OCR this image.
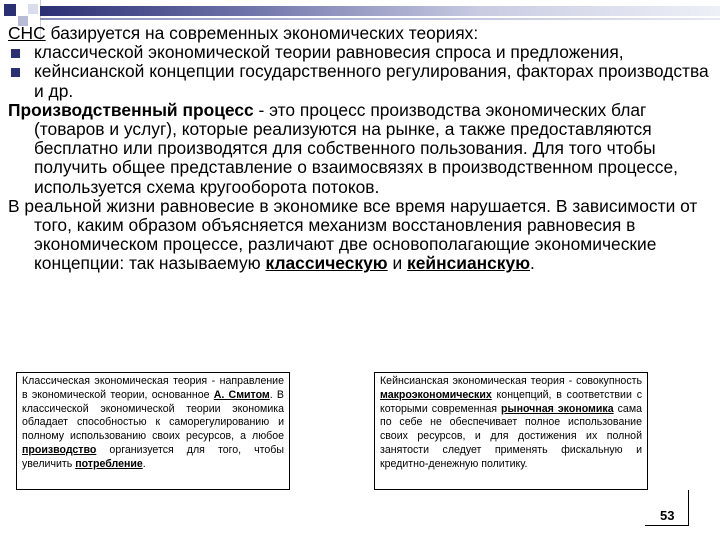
СНС базируется на современных экономических теориях:

классической экономической теории равновесия спроса и предложения,
кейнсианской концепции государственного регулирования, факторах производства и др.

Производственный процесс - это процесс производства экономических благ (товаров и услуг), которые реализуются на рынке, а также предоставляются бесплатно или производятся для собственного пользования. Для того чтобы получить общее представление о взаимосвязях в производственном процессе, используется схема кругооборота потоков.

В реальной жизни равновесие в экономике все время нарушается. В зависимости от того, каким образом объясняется механизм восстановления равновесия в экономическом процессе, различают две основополагающие экономические концепции: так называемую классическую и кейнсианскую.

Классическая экономическая теория - направление в экономической теории, основанное А. Смитом. В классической экономической теории экономика обладает способностью к саморегулированию и полному использованию своих ресурсов, а любое производство организуется для того, чтобы увеличить потребление.
Кейнсианская экономическая теория - совокупность макроэкономических концепций, в соответствии с которыми современная рыночная экономика сама по себе не обеспечивает полное использование своих ресурсов, и для достижения их полной занятости следует применять фискальную и кредитно-денежную политику.
53
